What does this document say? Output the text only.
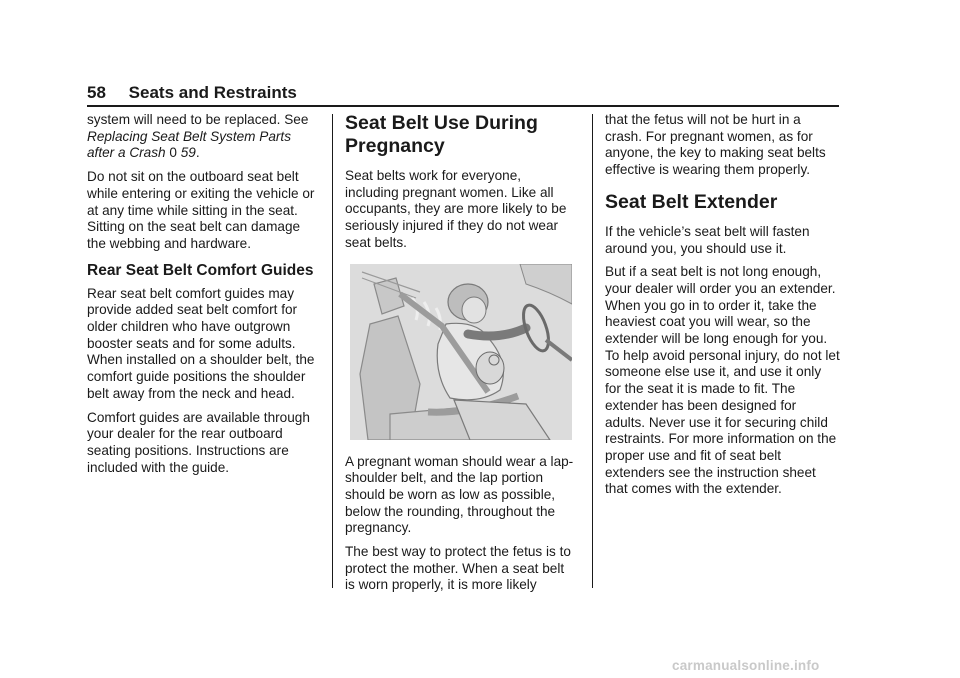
58 Seats and Restraints

system will need to be replaced. See Replacing Seat Belt System Parts after a Crash 0 59.

Do not sit on the outboard seat belt while entering or exiting the vehicle or at any time while sitting in the seat. Sitting on the seat belt can damage the webbing and hardware.

Rear Seat Belt Comfort Guides

Rear seat belt comfort guides may provide added seat belt comfort for older children who have outgrown booster seats and for some adults. When installed on a shoulder belt, the comfort guide positions the shoulder belt away from the neck and head.

Comfort guides are available through your dealer for the rear outboard seating positions. Instructions are included with the guide.

Seat Belt Use During Pregnancy

Seat belts work for everyone, including pregnant women. Like all occupants, they are more likely to be seriously injured if they do not wear seat belts.

A pregnant woman should wear a lap-shoulder belt, and the lap portion should be worn as low as possible, below the rounding, throughout the pregnancy.

The best way to protect the fetus is to protect the mother. When a seat belt is worn properly, it is more likely

that the fetus will not be hurt in a crash. For pregnant women, as for anyone, the key to making seat belts effective is wearing them properly.

Seat Belt Extender

If the vehicle’s seat belt will fasten around you, you should use it.

But if a seat belt is not long enough, your dealer will order you an extender. When you go in to order it, take the heaviest coat you will wear, so the extender will be long enough for you. To help avoid personal injury, do not let someone else use it, and use it only for the seat it is made to fit. The extender has been designed for adults. Never use it for securing child restraints. For more information on the proper use and fit of seat belt extenders see the instruction sheet that comes with the extender.

carmanualsonline.info
